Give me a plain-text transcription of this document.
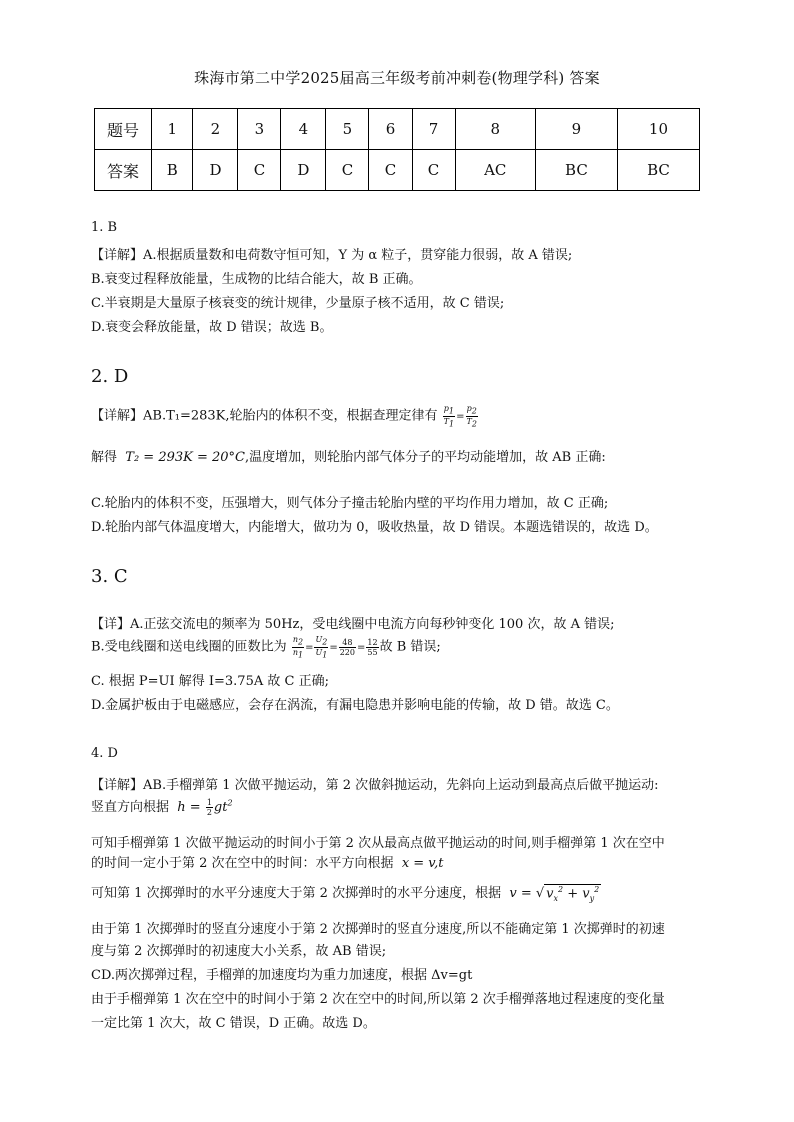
珠海市第二中学2025届高三年级考前冲刺卷(物理学科) 答案
题号	1	2	3	4	5	6	7	8	9	10
答案	B	D	C	D	C	C	C	AC	BC	BC
1. B
【详解】A.根据质量数和电荷数守恒可知，Y 为 α 粒子，贯穿能力很弱，故 A 错误;
B.衰变过程释放能量，生成物的比结合能大，故 B 正确。
C.半衰期是大量原子核衰变的统计规律，少量原子核不适用，故 C 错误;
D.衰变会释放能量，故 D 错误；故选 B。
2. D
【详解】AB.T₁=283K,轮胎内的体积不变，根据查理定律有 $\frac{p_1}{T_1} = \frac{p_2}{T_2}$
解得 T₂ = 293K = 20°C,温度增加，则轮胎内部气体分子的平均动能增加，故 AB 正确:
C.轮胎内的体积不变，压强增大，则气体分子撞击轮胎内壁的平均作用力增加，故 C 正确;
D.轮胎内部气体温度增大，内能增大，做功为 0，吸收热量，故 D 错误。本题选错误的，故选 D。
3. C
【详】A.正弦交流电的频率为 50Hz，受电线圈中电流方向每秒钟变化 100 次，故 A 错误;
B.受电线圈和送电线圈的匝数比为 $\frac{n_2}{n_1} = \frac{U_2}{U_1} = \frac{48}{220} = \frac{12}{55}$ 故 B 错误;
C. 根据 P=UI 解得 I=3.75A 故 C 正确;
D.金属护板由于电磁感应，会存在涡流，有漏电隐患并影响电能的传输，故 D 错。故选 C。
4. D
【详解】AB.手榴弹第 1 次做平抛运动，第 2 次做斜抛运动，先斜向上运动到最高点后做平抛运动:
竖直方向根据 $h = \frac{1}{2} gt^2$
可知手榴弹第 1 次做平抛运动的时间小于第 2 次从最高点做平抛运动的时间,则手榴弹第 1 次在空中
的时间一定小于第 2 次在空中的时间：水平方向根据 x = v,t
可知第 1 次掷弹时的水平分速度大于第 2 次掷弹时的水平分速度，根据 v = √ $v_x^2 + v_y^2$
由于第 1 次掷弹时的竖直分速度小于第 2 次掷弹时的竖直分速度,所以不能确定第 1 次掷弹时的初速
度与第 2 次掷弹时的初速度大小关系，故 AB 错误;
CD.两次掷弹过程，手榴弹的加速度均为重力加速度，根据 Δv=gt
由于手榴弹第 1 次在空中的时间小于第 2 次在空中的时间,所以第 2 次手榴弹落地过程速度的变化量
一定比第 1 次大，故 C 错误，D 正确。故选 D。
